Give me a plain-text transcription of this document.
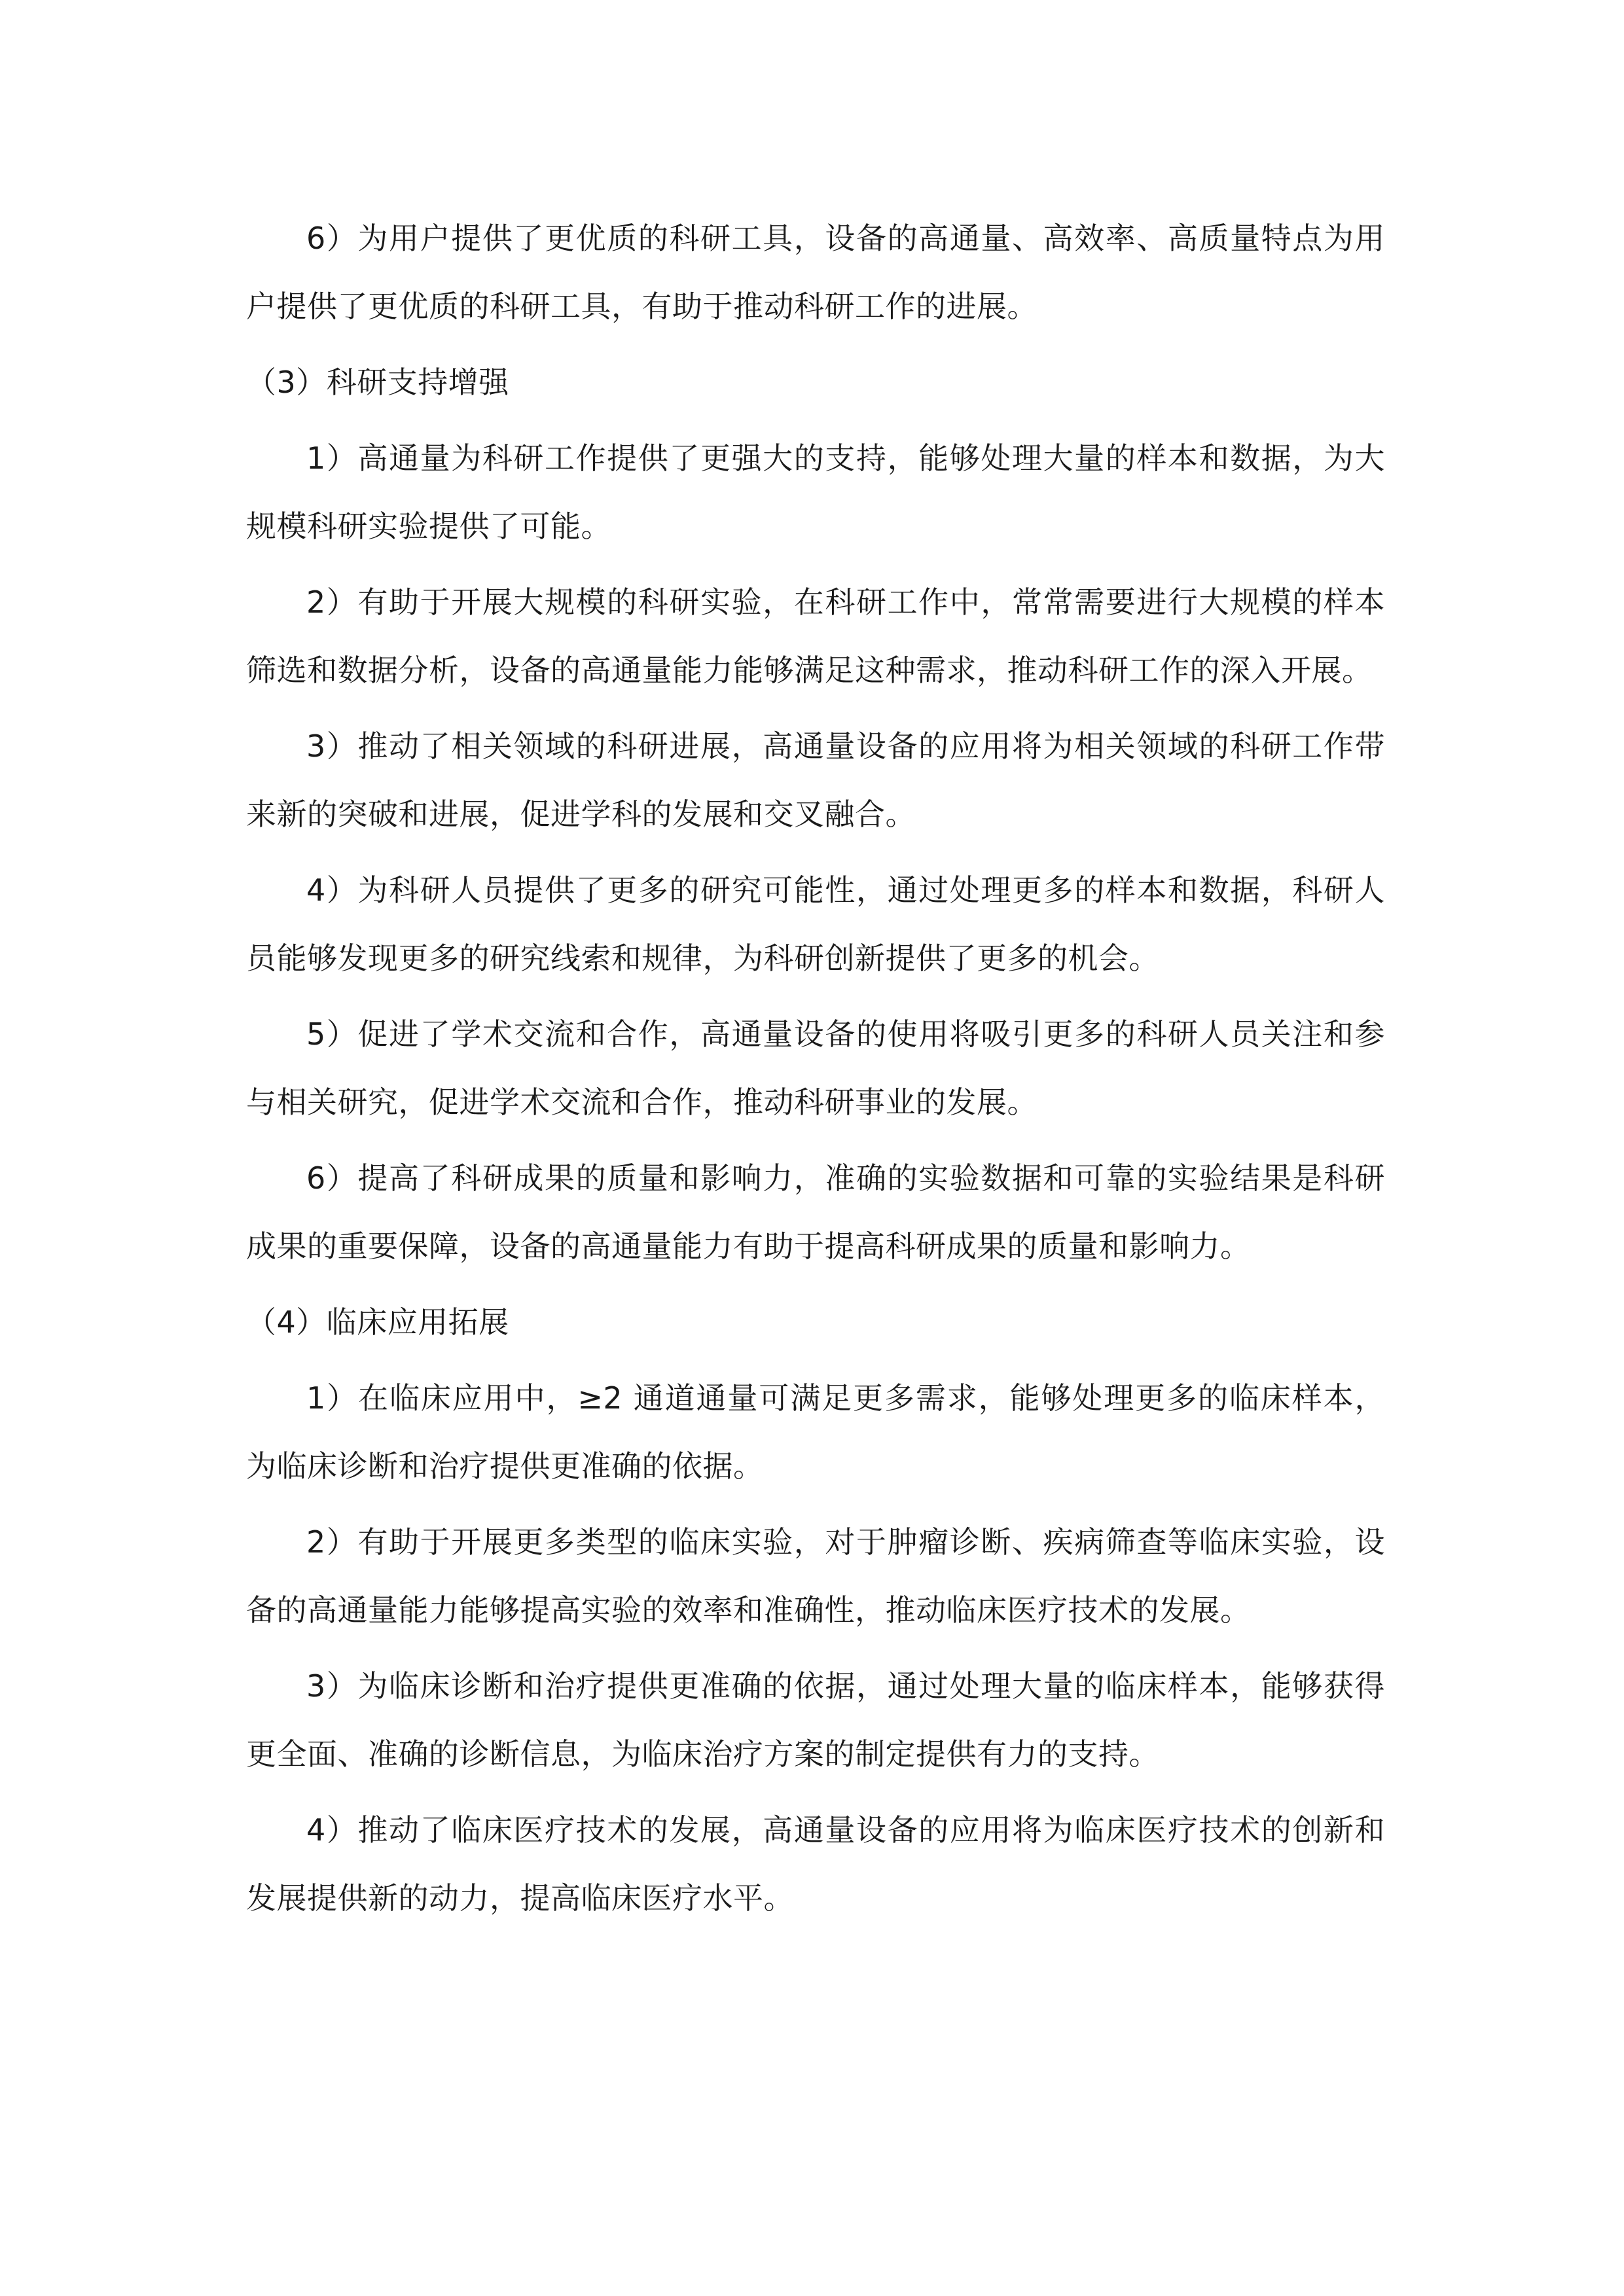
6）为用户提供了更优质的科研工具，设备的高通量、高效率、高质量特点为用户提供了更优质的科研工具，有助于推动科研工作的进展。

（3）科研支持增强

1）高通量为科研工作提供了更强大的支持，能够处理大量的样本和数据，为大规模科研实验提供了可能。

2）有助于开展大规模的科研实验，在科研工作中，常常需要进行大规模的样本筛选和数据分析，设备的高通量能力能够满足这种需求，推动科研工作的深入开展。

3）推动了相关领域的科研进展，高通量设备的应用将为相关领域的科研工作带来新的突破和进展，促进学科的发展和交叉融合。

4）为科研人员提供了更多的研究可能性，通过处理更多的样本和数据，科研人员能够发现更多的研究线索和规律，为科研创新提供了更多的机会。

5）促进了学术交流和合作，高通量设备的使用将吸引更多的科研人员关注和参与相关研究，促进学术交流和合作，推动科研事业的发展。

6）提高了科研成果的质量和影响力，准确的实验数据和可靠的实验结果是科研成果的重要保障，设备的高通量能力有助于提高科研成果的质量和影响力。

（4）临床应用拓展

1）在临床应用中，≥2 通道通量可满足更多需求，能够处理更多的临床样本，为临床诊断和治疗提供更准确的依据。

2）有助于开展更多类型的临床实验，对于肿瘤诊断、疾病筛查等临床实验，设备的高通量能力能够提高实验的效率和准确性，推动临床医疗技术的发展。

3）为临床诊断和治疗提供更准确的依据，通过处理大量的临床样本，能够获得更全面、准确的诊断信息，为临床治疗方案的制定提供有力的支持。

4）推动了临床医疗技术的发展，高通量设备的应用将为临床医疗技术的创新和发展提供新的动力，提高临床医疗水平。
